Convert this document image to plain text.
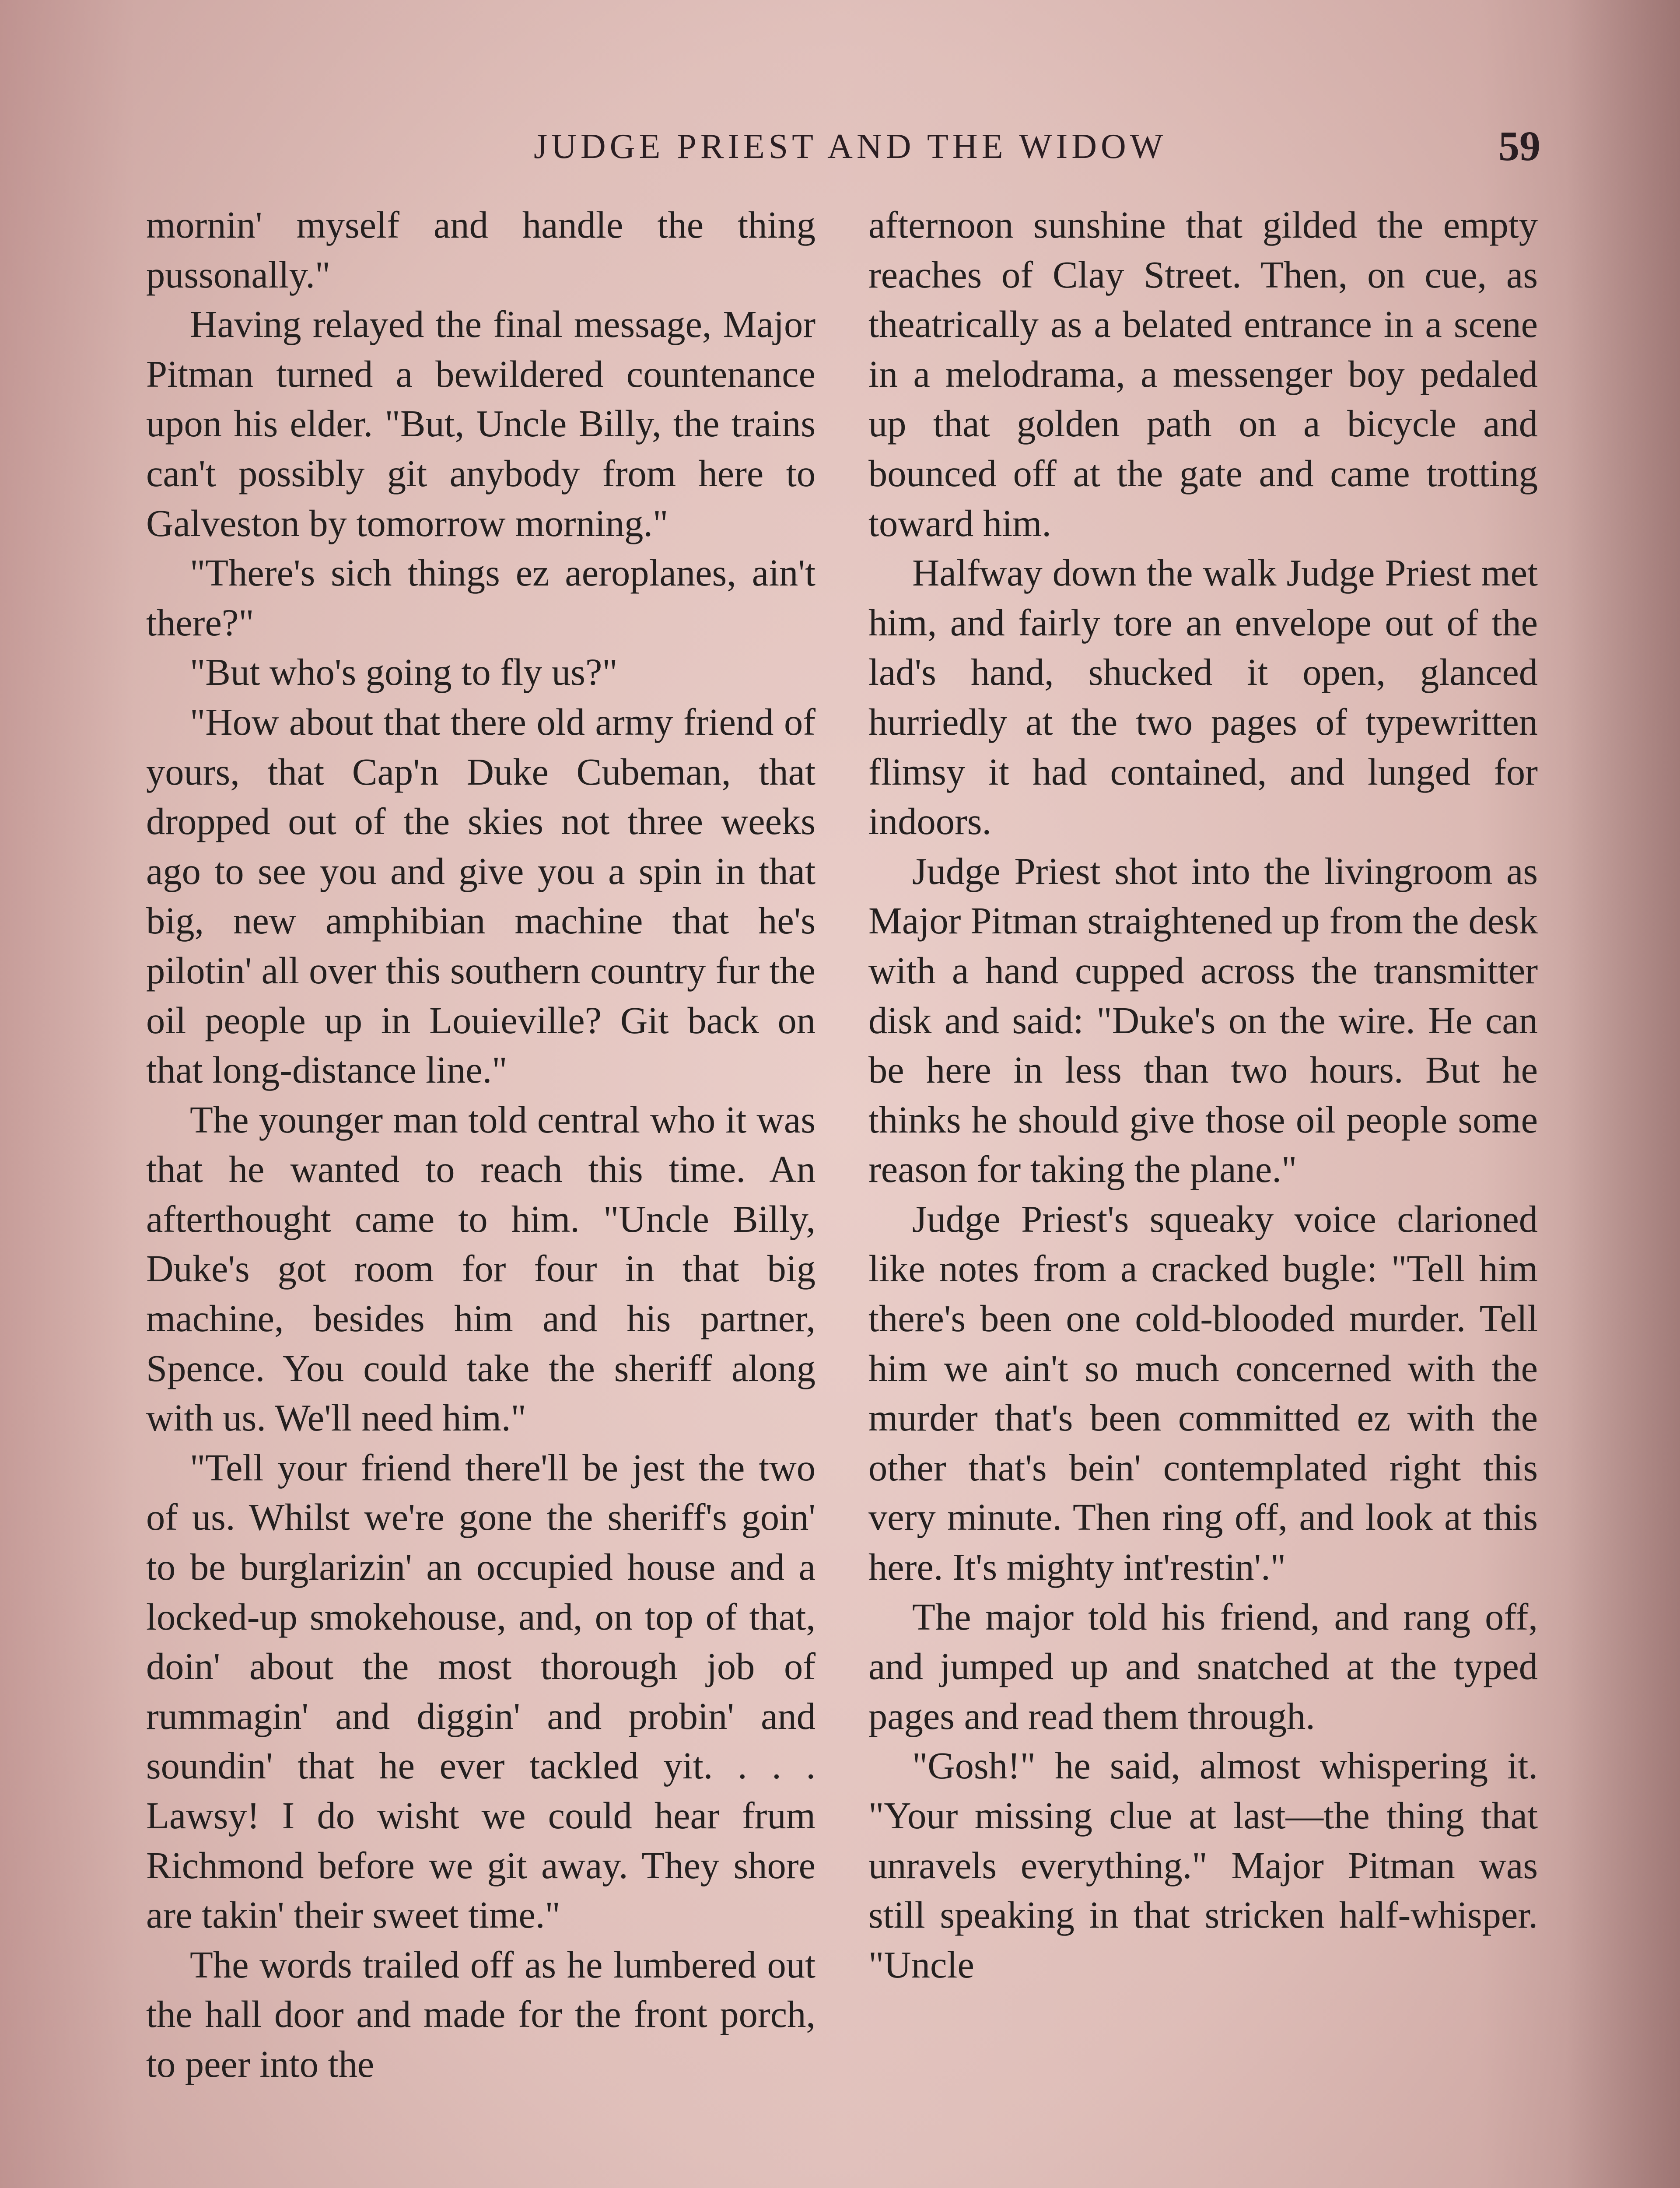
JUDGE PRIEST AND THE WIDOW	59

mornin' myself and handle the thing pussonally."

Having relayed the final message, Major Pitman turned a bewildered countenance upon his elder. "But, Uncle Billy, the trains can't possibly git anybody from here to Galveston by tomorrow morning."

"There's sich things ez aeroplanes, ain't there?"

"But who's going to fly us?"

"How about that there old army friend of yours, that Cap'n Duke Cubeman, that dropped out of the skies not three weeks ago to see you and give you a spin in that big, new amphibian machine that he's pilotin' all over this southern country fur the oil people up in Louieville? Git back on that long-distance line."

The younger man told central who it was that he wanted to reach this time. An afterthought came to him. "Uncle Billy, Duke's got room for four in that big machine, besides him and his partner, Spence. You could take the sheriff along with us. We'll need him."

"Tell your friend there'll be jest the two of us. Whilst we're gone the sheriff's goin' to be burglarizin' an occupied house and a locked-up smokehouse, and, on top of that, doin' about the most thorough job of rummagin' and diggin' and probin' and soundin' that he ever tackled yit. . . . Lawsy! I do wisht we could hear frum Richmond before we git away. They shore are takin' their sweet time."

The words trailed off as he lumbered out the hall door and made for the front porch, to peer into the

afternoon sunshine that gilded the empty reaches of Clay Street. Then, on cue, as theatrically as a belated entrance in a scene in a melodrama, a messenger boy pedaled up that golden path on a bicycle and bounced off at the gate and came trotting toward him.

Halfway down the walk Judge Priest met him, and fairly tore an envelope out of the lad's hand, shucked it open, glanced hurriedly at the two pages of typewritten flimsy it had contained, and lunged for indoors.

Judge Priest shot into the livingroom as Major Pitman straightened up from the desk with a hand cupped across the transmitter disk and said: "Duke's on the wire. He can be here in less than two hours. But he thinks he should give those oil people some reason for taking the plane."

Judge Priest's squeaky voice clarioned like notes from a cracked bugle: "Tell him there's been one cold-blooded murder. Tell him we ain't so much concerned with the murder that's been committed ez with the other that's bein' contemplated right this very minute. Then ring off, and look at this here. It's mighty int'restin'."

The major told his friend, and rang off, and jumped up and snatched at the typed pages and read them through.

"Gosh!" he said, almost whispering it. "Your missing clue at last—the thing that unravels everything." Major Pitman was still speaking in that stricken half-whisper. "Uncle
